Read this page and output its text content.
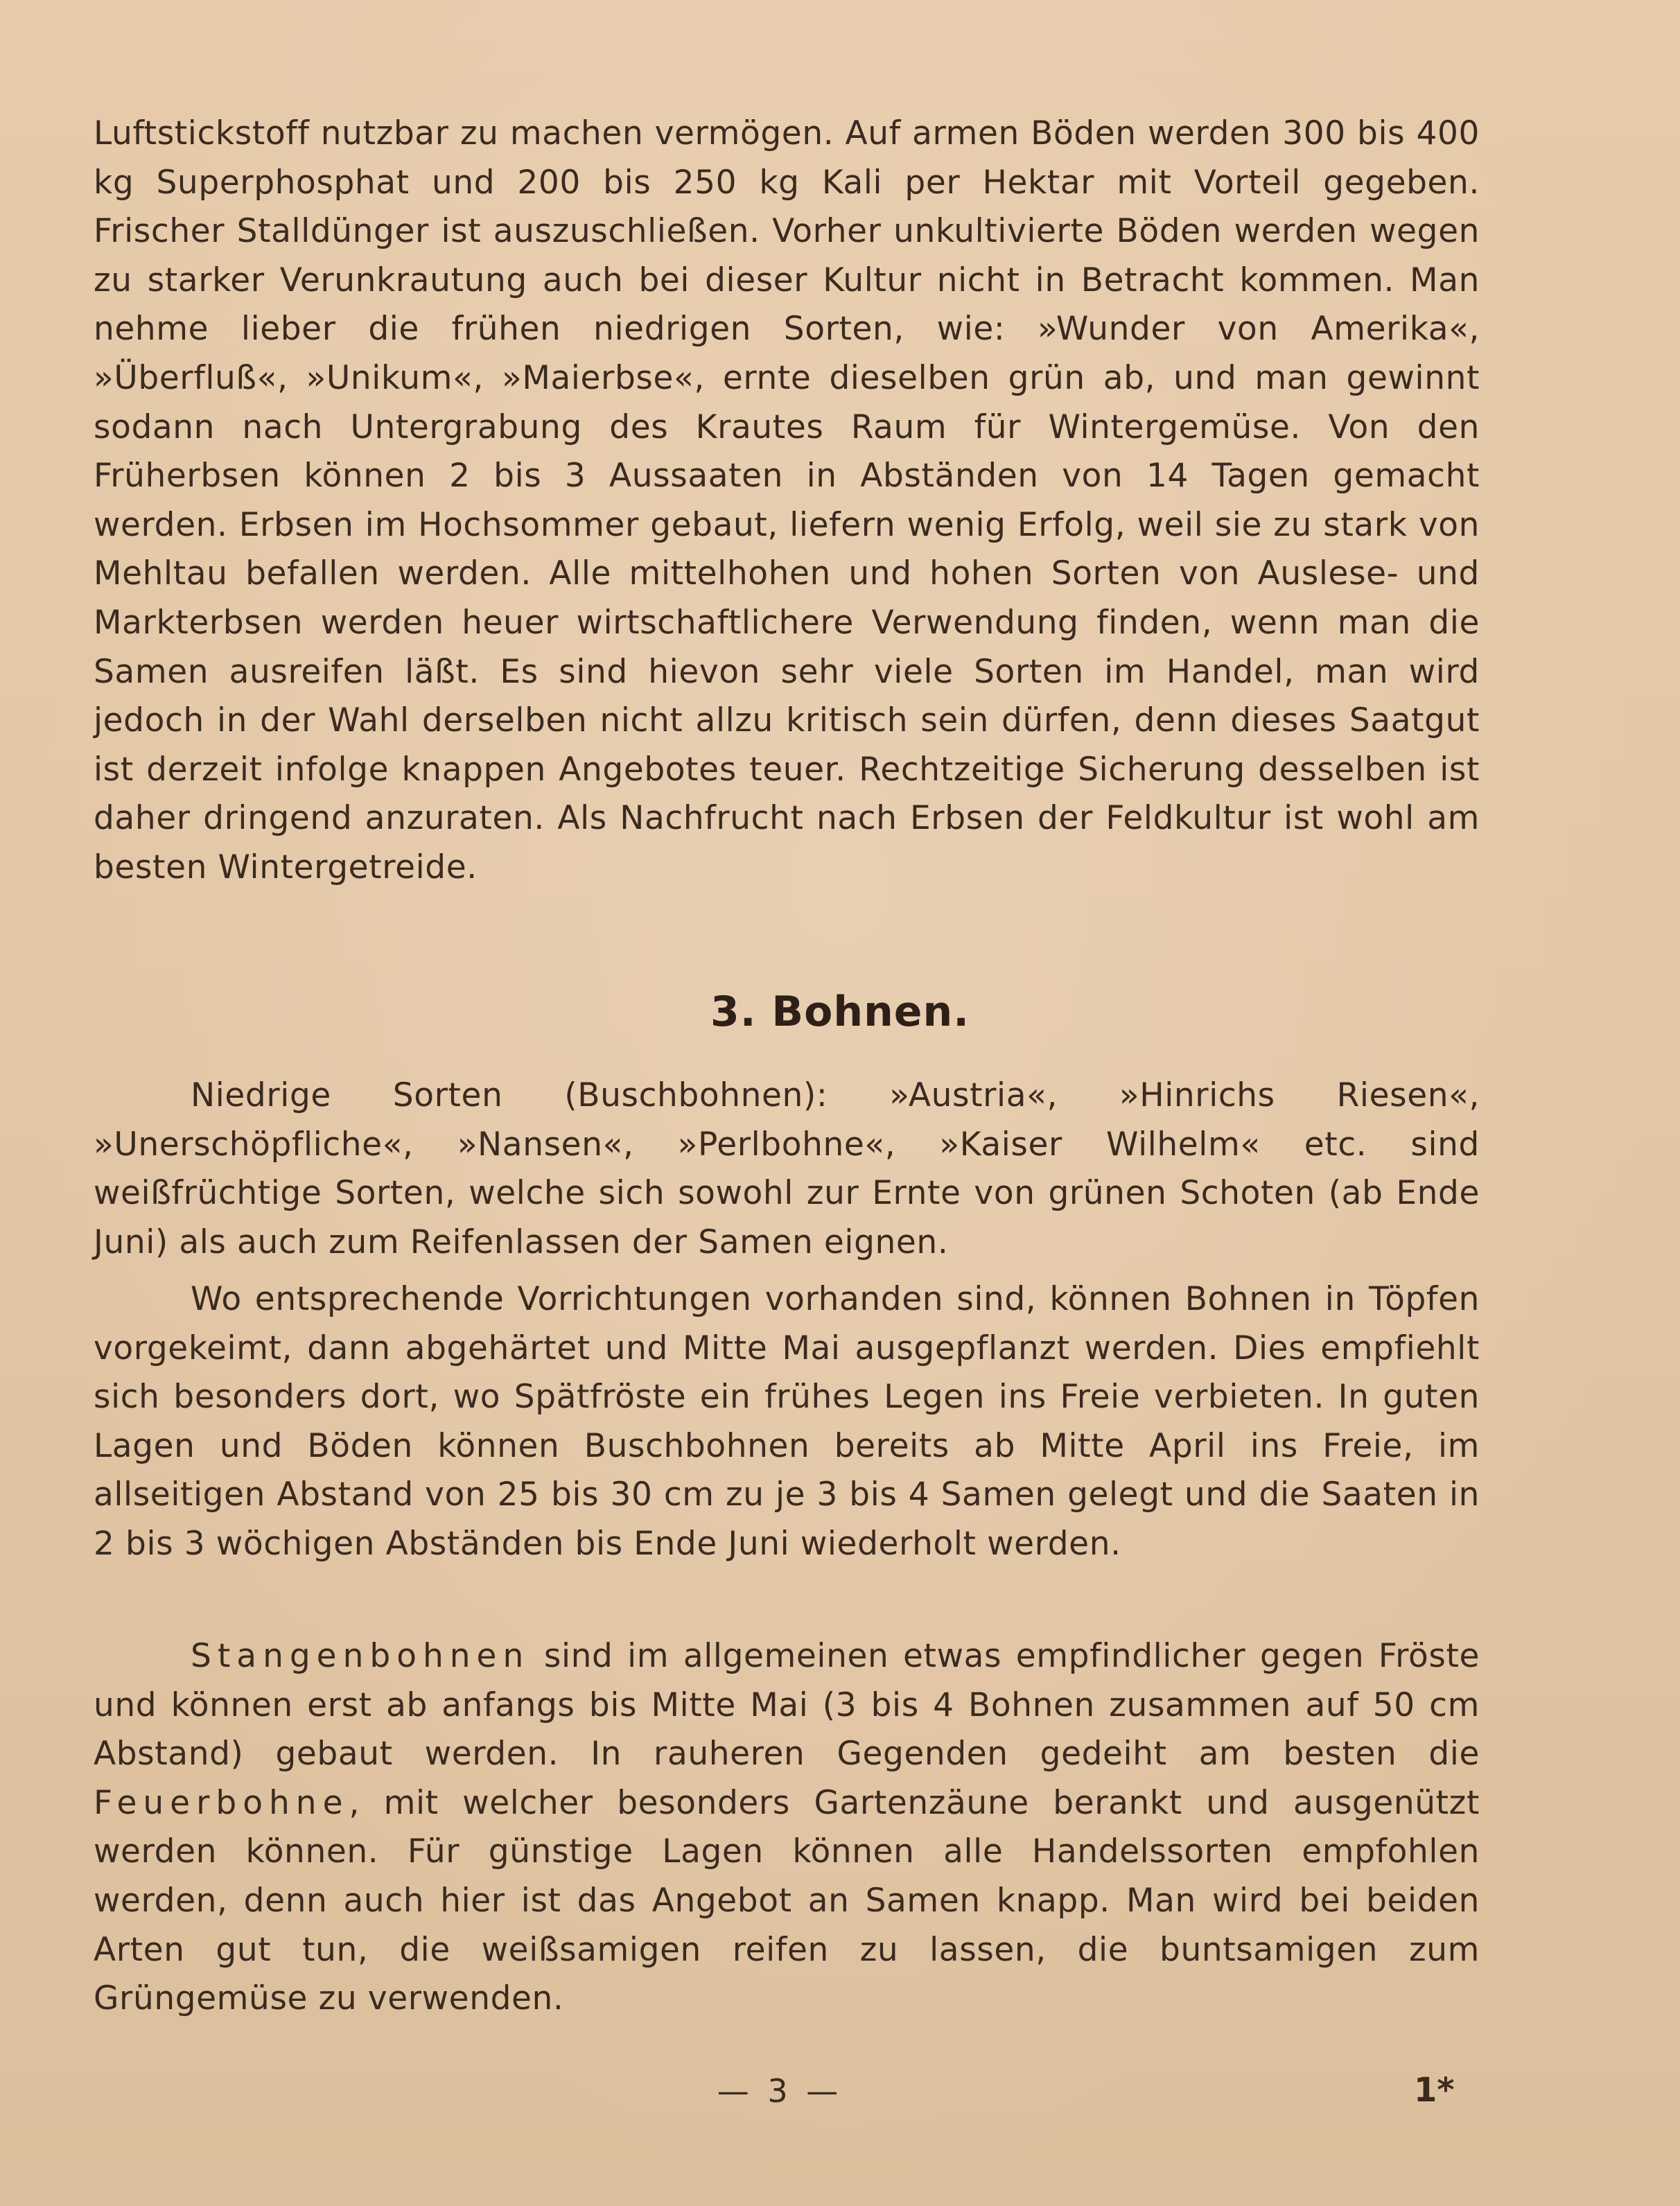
Luftstickstoff nutzbar zu machen vermögen. Auf armen Böden werden 300 bis 400 kg Superphosphat und 200 bis 250 kg Kali per Hektar mit Vorteil gegeben. Frischer Stalldünger ist auszuschließen. Vorher unkultivierte Böden werden wegen zu starker Verunkrautung auch bei dieser Kultur nicht in Betracht kommen. Man nehme lieber die frühen niedrigen Sorten, wie: »Wunder von Amerika«, »Überfluß«, »Unikum«, »Maierbse«, ernte dieselben grün ab, und man gewinnt sodann nach Untergrabung des Krautes Raum für Wintergemüse. Von den Früherbsen können 2 bis 3 Aussaaten in Abständen von 14 Tagen gemacht werden. Erbsen im Hochsommer gebaut, liefern wenig Erfolg, weil sie zu stark von Mehltau befallen werden. Alle mittelhohen und hohen Sorten von Auslese- und Markterbsen werden heuer wirtschaftlichere Verwendung finden, wenn man die Samen ausreifen läßt. Es sind hievon sehr viele Sorten im Handel, man wird jedoch in der Wahl derselben nicht allzu kritisch sein dürfen, denn dieses Saatgut ist derzeit infolge knappen Angebotes teuer. Rechtzeitige Sicherung desselben ist daher dringend anzuraten. Als Nachfrucht nach Erbsen der Feldkultur ist wohl am besten Wintergetreide.

3. Bohnen.

Niedrige Sorten (Buschbohnen): »Austria«, »Hinrichs Riesen«, »Unerschöpfliche«, »Nansen«, »Perlbohne«, »Kaiser Wilhelm« etc. sind weißfrüchtige Sorten, welche sich sowohl zur Ernte von grünen Schoten (ab Ende Juni) als auch zum Reifenlassen der Samen eignen.

Wo entsprechende Vorrichtungen vorhanden sind, können Bohnen in Töpfen vorgekeimt, dann abgehärtet und Mitte Mai ausgepflanzt werden. Dies empfiehlt sich besonders dort, wo Spätfröste ein frühes Legen ins Freie verbieten. In guten Lagen und Böden können Buschbohnen bereits ab Mitte April ins Freie, im allseitigen Abstand von 25 bis 30 cm zu je 3 bis 4 Samen gelegt und die Saaten in 2 bis 3 wöchigen Abständen bis Ende Juni wiederholt werden.

Stangenbohnen sind im allgemeinen etwas empfindlicher gegen Fröste und können erst ab anfangs bis Mitte Mai (3 bis 4 Bohnen zusammen auf 50 cm Abstand) gebaut werden. In rauheren Gegenden gedeiht am besten die Feuerbohne, mit welcher besonders Gartenzäune berankt und ausgenützt werden können. Für günstige Lagen können alle Handelssorten empfohlen werden, denn auch hier ist das Angebot an Samen knapp. Man wird bei beiden Arten gut tun, die weißsamigen reifen zu lassen, die buntsamigen zum Grüngemüse zu verwenden.

— 3 —	1*
